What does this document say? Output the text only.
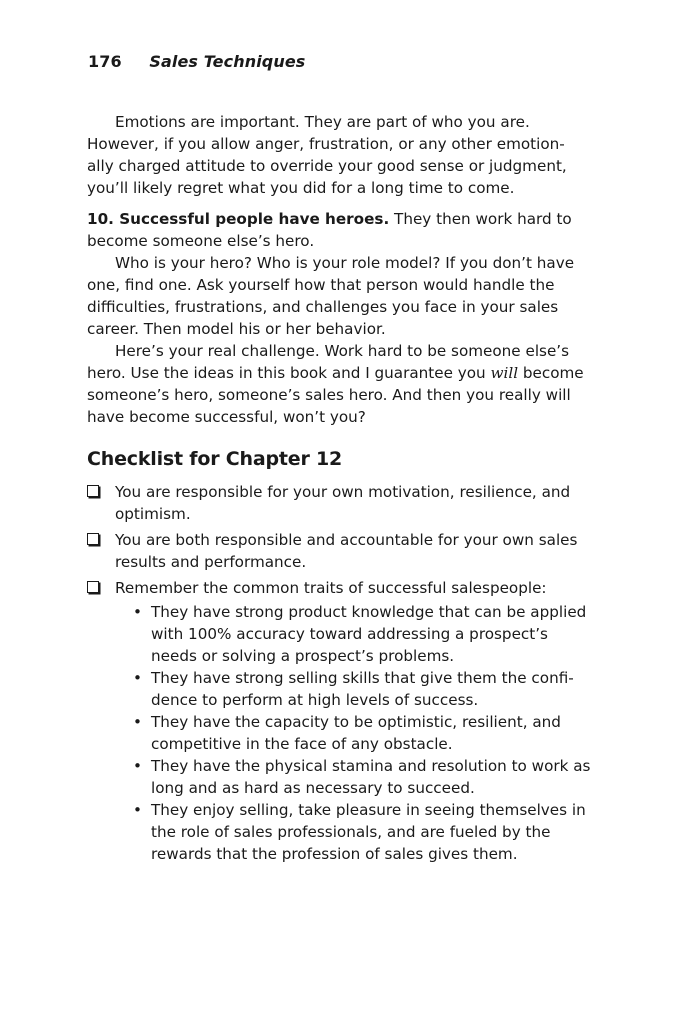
176 Sales Techniques

Emotions are important. They are part of who you are. However, if you allow anger, frustration, or any other emotion-ally charged attitude to override your good sense or judgment, you’ll likely regret what you did for a long time to come.

10. Successful people have heroes. They then work hard to become someone else’s hero.

Who is your hero? Who is your role model? If you don’t have one, find one. Ask yourself how that person would handle the difficulties, frustrations, and challenges you face in your sales career. Then model his or her behavior.

Here’s your real challenge. Work hard to be someone else’s hero. Use the ideas in this book and I guarantee you will become someone’s hero, someone’s sales hero. And then you really will have become successful, won’t you?

Checklist for Chapter 12
You are responsible for your own motivation, resilience, and optimism.
You are both responsible and accountable for your own sales results and performance.
Remember the common traits of successful salespeople:
• They have strong product knowledge that can be applied with 100% accuracy toward addressing a prospect’s needs or solving a prospect’s problems.
• They have strong selling skills that give them the confi-dence to perform at high levels of success.
• They have the capacity to be optimistic, resilient, and competitive in the face of any obstacle.
• They have the physical stamina and resolution to work as long and as hard as necessary to succeed.
• They enjoy selling, take pleasure in seeing themselves in the role of sales professionals, and are fueled by the rewards that the profession of sales gives them.
